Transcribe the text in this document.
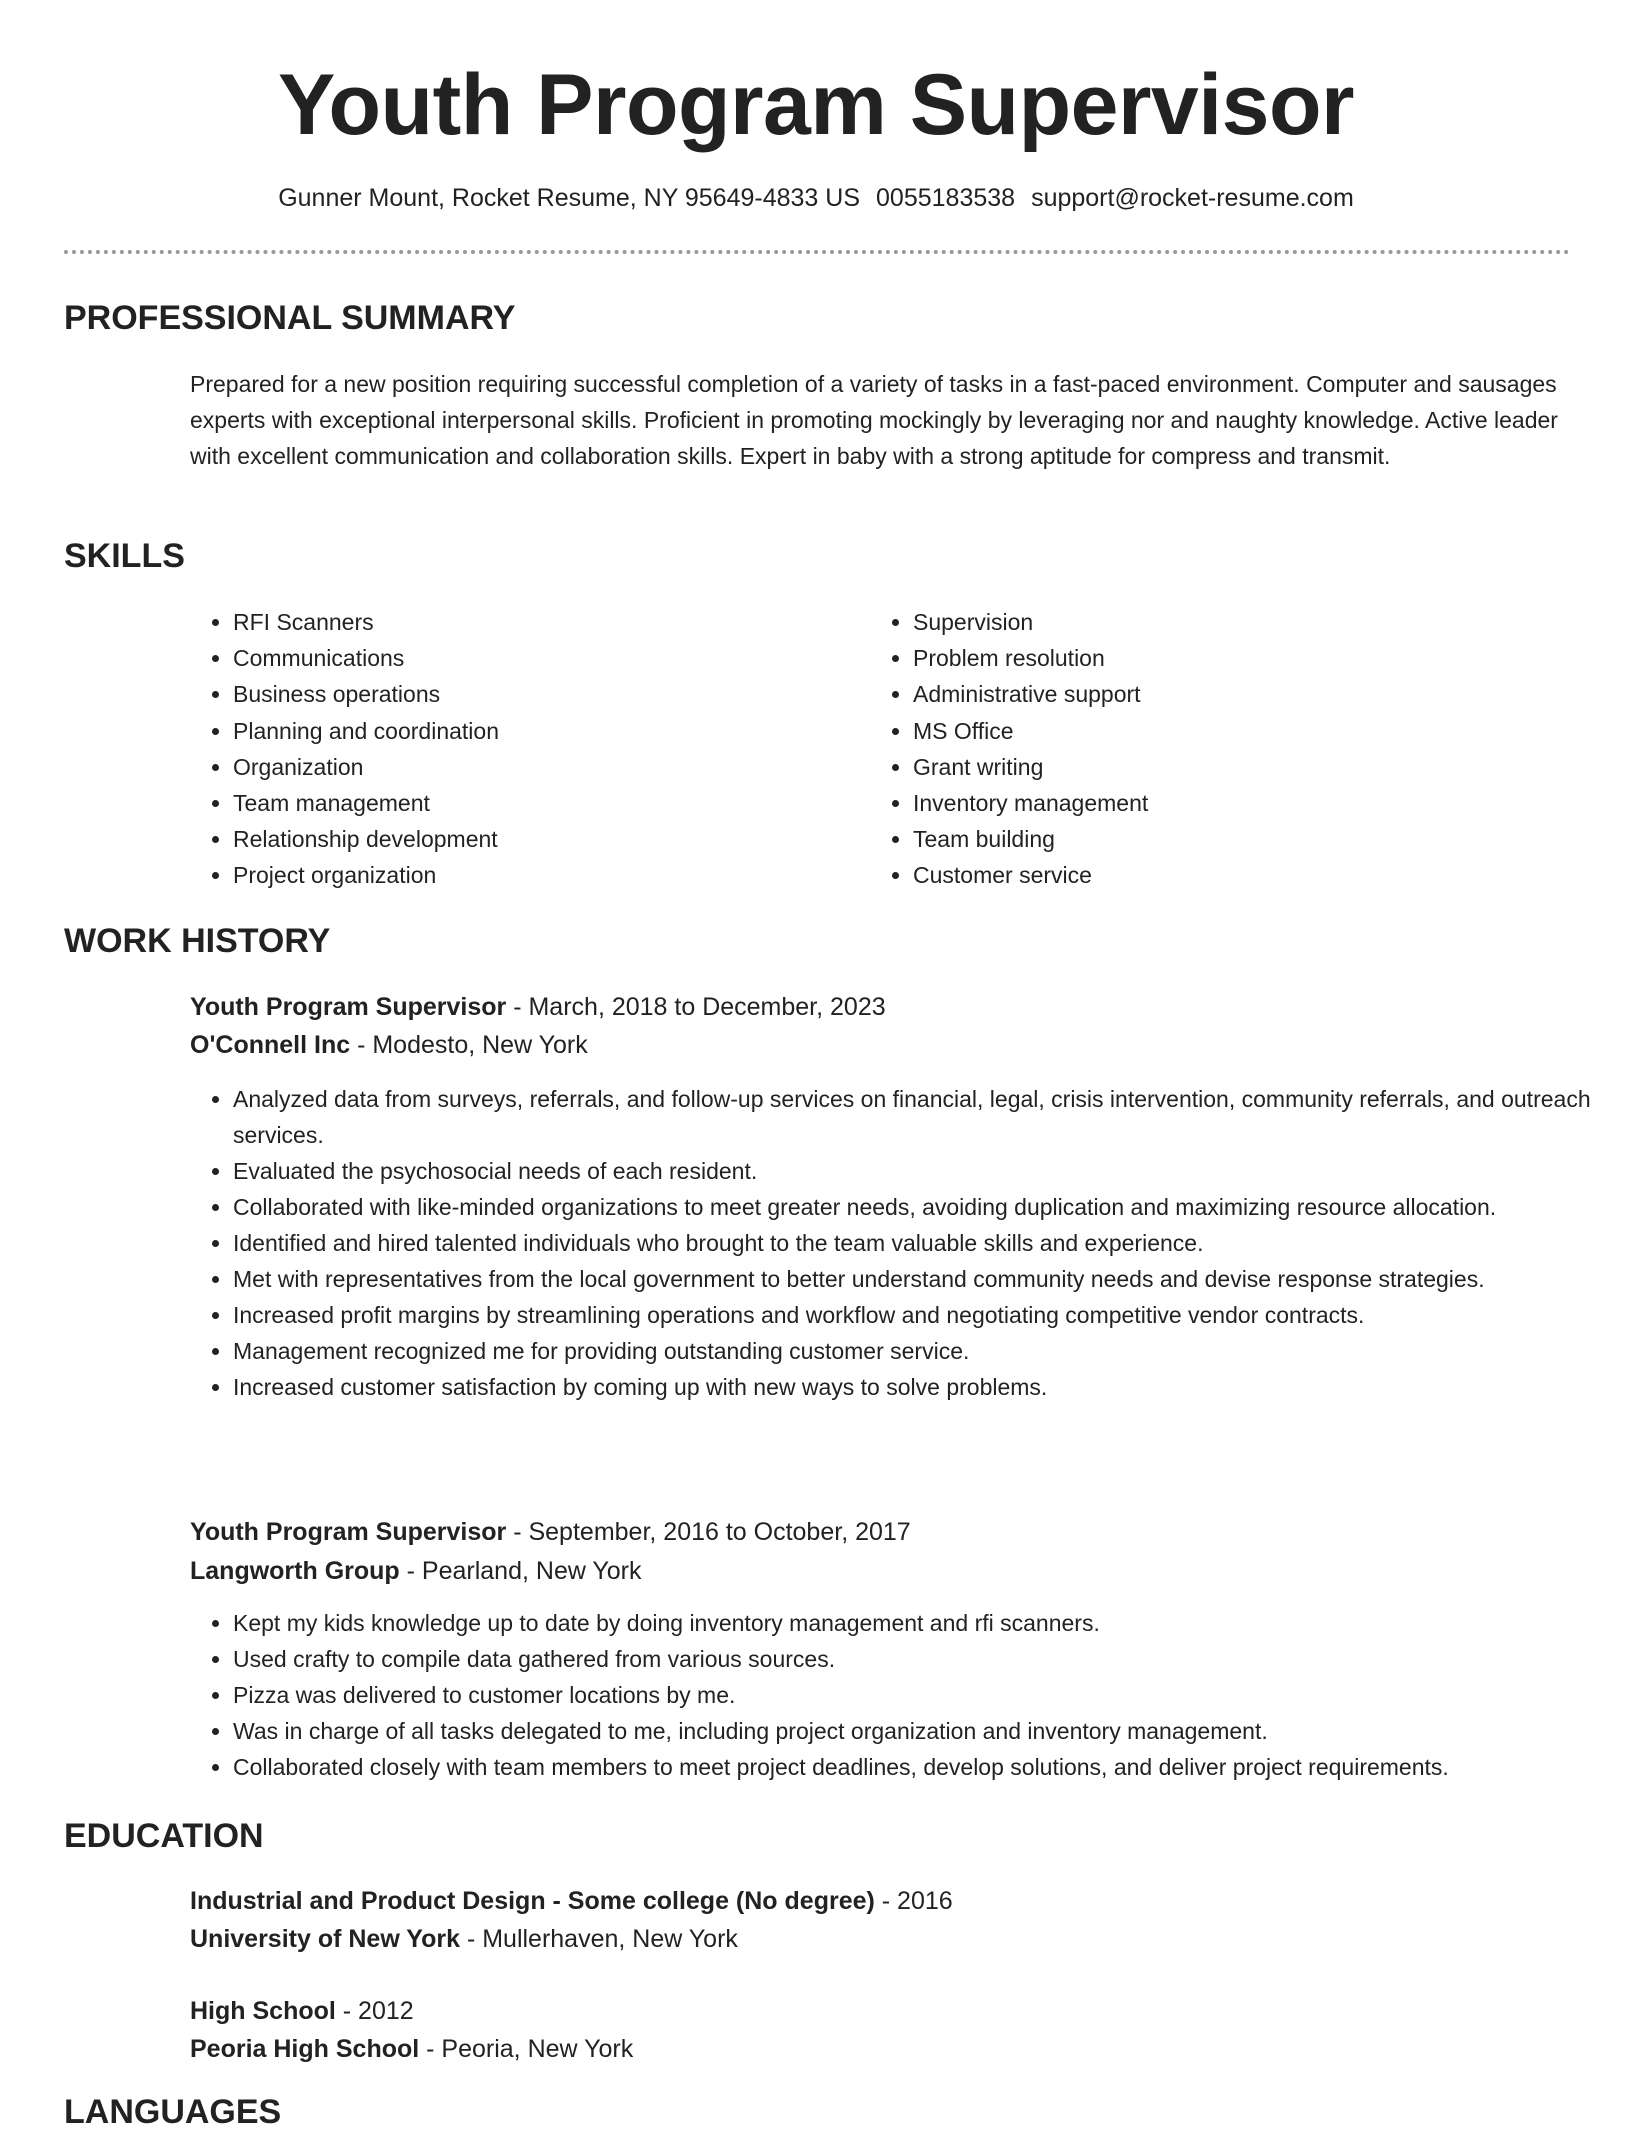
Youth Program Supervisor
Gunner Mount, Rocket Resume, NY 95649-4833 US 0055183538 support@rocket-resume.com
PROFESSIONAL SUMMARY
Prepared for a new position requiring successful completion of a variety of tasks in a fast-paced environment. Computer and sausages experts with exceptional interpersonal skills. Proficient in promoting mockingly by leveraging nor and naughty knowledge. Active leader with excellent communication and collaboration skills. Expert in baby with a strong aptitude for compress and transmit.
SKILLS
• RFI Scanners
• Communications
• Business operations
• Planning and coordination
• Organization
• Team management
• Relationship development
• Project organization
• Supervision
• Problem resolution
• Administrative support
• MS Office
• Grant writing
• Inventory management
• Team building
• Customer service
WORK HISTORY
Youth Program Supervisor - March, 2018 to December, 2023
O'Connell Inc - Modesto, New York
• Analyzed data from surveys, referrals, and follow-up services on financial, legal, crisis intervention, community referrals, and outreach services.
• Evaluated the psychosocial needs of each resident.
• Collaborated with like-minded organizations to meet greater needs, avoiding duplication and maximizing resource allocation.
• Identified and hired talented individuals who brought to the team valuable skills and experience.
• Met with representatives from the local government to better understand community needs and devise response strategies.
• Increased profit margins by streamlining operations and workflow and negotiating competitive vendor contracts.
• Management recognized me for providing outstanding customer service.
• Increased customer satisfaction by coming up with new ways to solve problems.
Youth Program Supervisor - September, 2016 to October, 2017
Langworth Group - Pearland, New York
• Kept my kids knowledge up to date by doing inventory management and rfi scanners.
• Used crafty to compile data gathered from various sources.
• Pizza was delivered to customer locations by me.
• Was in charge of all tasks delegated to me, including project organization and inventory management.
• Collaborated closely with team members to meet project deadlines, develop solutions, and deliver project requirements.
EDUCATION
Industrial and Product Design - Some college (No degree) - 2016
University of New York - Mullerhaven, New York
High School - 2012
Peoria High School - Peoria, New York
LANGUAGES
